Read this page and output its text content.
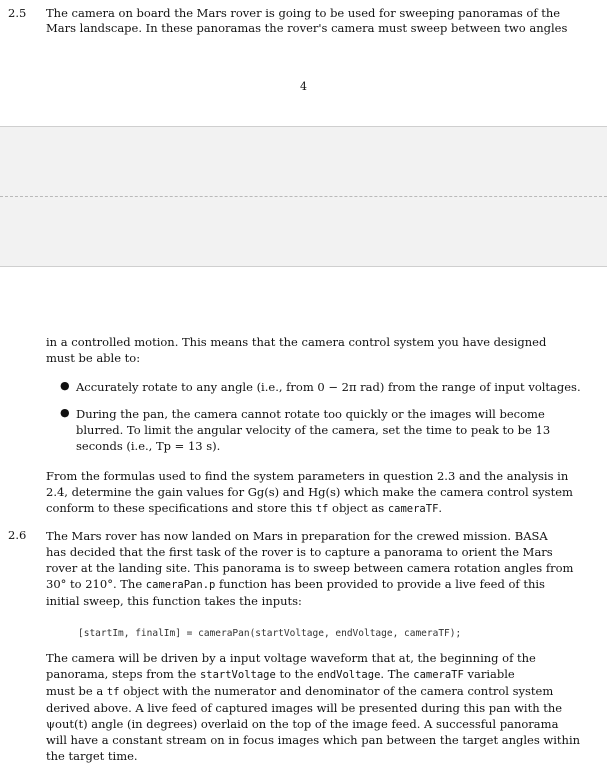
2.5 The camera on board the Mars rover is going to be used for sweeping panoramas of the
Mars landscape. In these panoramas the rover's camera must sweep between two angles
4
in a controlled motion. This means that the camera control system you have designed
must be able to:
● Accurately rotate to any angle (i.e., from 0 − 2π rad) from the range of input voltages.
● During the pan, the camera cannot rotate too quickly or the images will become
blurred. To limit the angular velocity of the camera, set the time to peak to be 13
seconds (i.e., Tp = 13 s).
From the formulas used to find the system parameters in question 2.3 and the analysis in
2.4, determine the gain values for Gg(s) and Hg(s) which make the camera control system
conform to these specifications and store this tf object as cameraTF.
2.6 The Mars rover has now landed on Mars in preparation for the crewed mission. BASA
has decided that the first task of the rover is to capture a panorama to orient the Mars
rover at the landing site. This panorama is to sweep between camera rotation angles from
30° to 210°. The cameraPan.p function has been provided to provide a live feed of this
initial sweep, this function takes the inputs:
[startIm, finalIm] = cameraPan(startVoltage, endVoltage, cameraTF);
The camera will be driven by a input voltage waveform that at, the beginning of the
panorama, steps from the startVoltage to the endVoltage. The cameraTF variable
must be a tf object with the numerator and denominator of the camera control system
derived above. A live feed of captured images will be presented during this pan with the
ψout(t) angle (in degrees) overlaid on the top of the image feed. A successful panorama
will have a constant stream on in focus images which pan between the target angles within
the target time.
